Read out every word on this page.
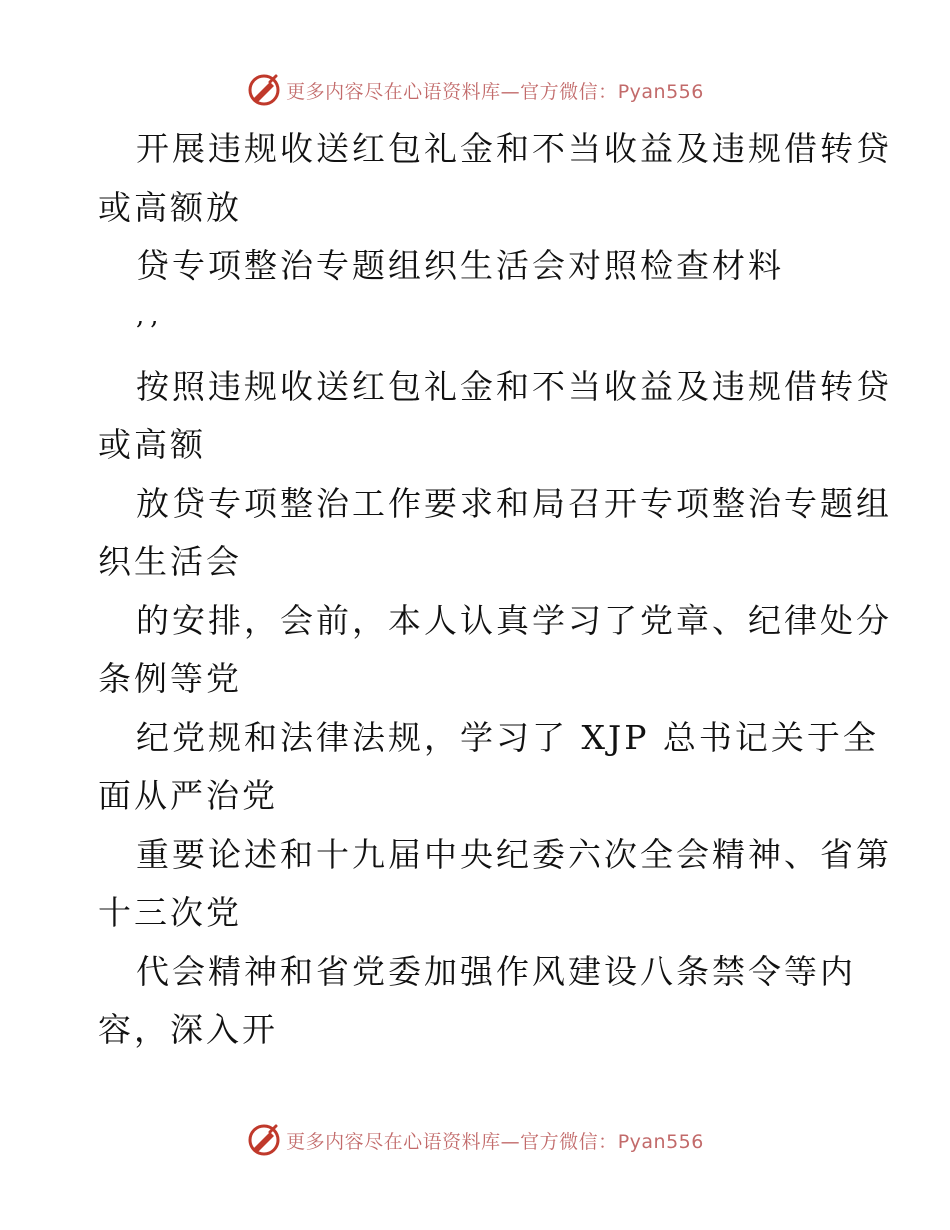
更多内容尽在心语资料库—官方微信：Pyan556
开展违规收送红包礼金和不当收益及违规借转贷
或高额放
贷专项整治专题组织生活会对照检查材料
,,
按照违规收送红包礼金和不当收益及违规借转贷
或高额
放贷专项整治工作要求和局召开专项整治专题组
织生活会
的安排，会前，本人认真学习了党章、纪律处分
条例等党
纪党规和法律法规，学习了 XJP 总书记关于全
面从严治党
重要论述和十九届中央纪委六次全会精神、省第
十三次党
代会精神和省党委加强作风建设八条禁令等内
容，深入开
更多内容尽在心语资料库—官方微信：Pyan556
